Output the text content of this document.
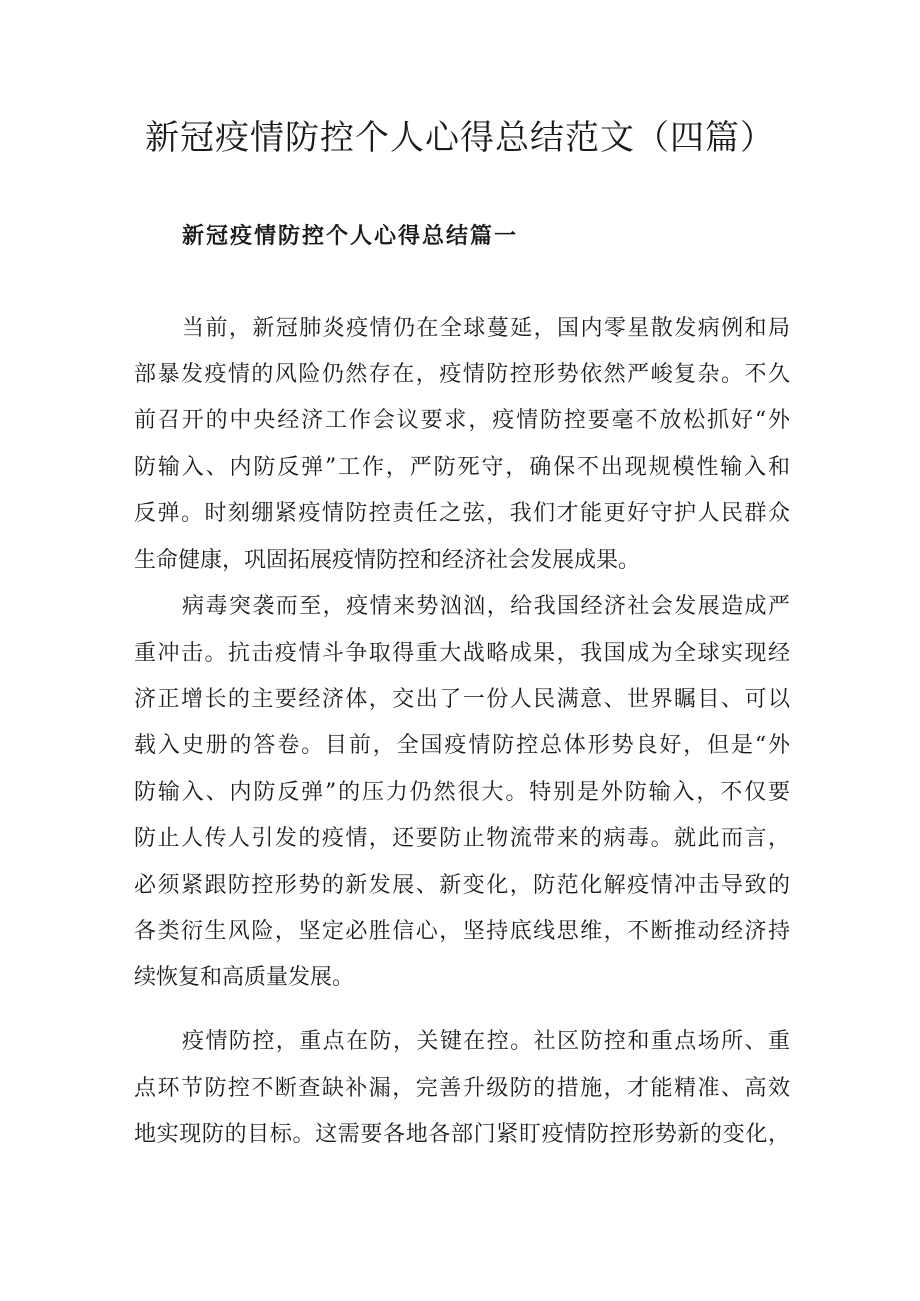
新冠疫情防控个人心得总结范文（四篇）
新冠疫情防控个人心得总结篇一

当前，新冠肺炎疫情仍在全球蔓延，国内零星散发病例和局

部暴发疫情的风险仍然存在，疫情防控形势依然严峻复杂。不久

前召开的中央经济工作会议要求，疫情防控要毫不放松抓好“外

防输入、内防反弹”工作，严防死守，确保不出现规模性输入和

反弹。时刻绷紧疫情防控责任之弦，我们才能更好守护人民群众

生命健康，巩固拓展疫情防控和经济社会发展成果。

病毒突袭而至，疫情来势汹汹，给我国经济社会发展造成严

重冲击。抗击疫情斗争取得重大战略成果，我国成为全球实现经

济正增长的主要经济体，交出了一份人民满意、世界瞩目、可以

载入史册的答卷。目前，全国疫情防控总体形势良好，但是“外

防输入、内防反弹”的压力仍然很大。特别是外防输入，不仅要

防止人传人引发的疫情，还要防止物流带来的病毒。就此而言，

必须紧跟防控形势的新发展、新变化，防范化解疫情冲击导致的

各类衍生风险，坚定必胜信心，坚持底线思维，不断推动经济持

续恢复和高质量发展。

疫情防控，重点在防，关键在控。社区防控和重点场所、重

点环节防控不断查缺补漏，完善升级防的措施，才能精准、高效

地实现防的目标。这需要各地各部门紧盯疫情防控形势新的变化，
